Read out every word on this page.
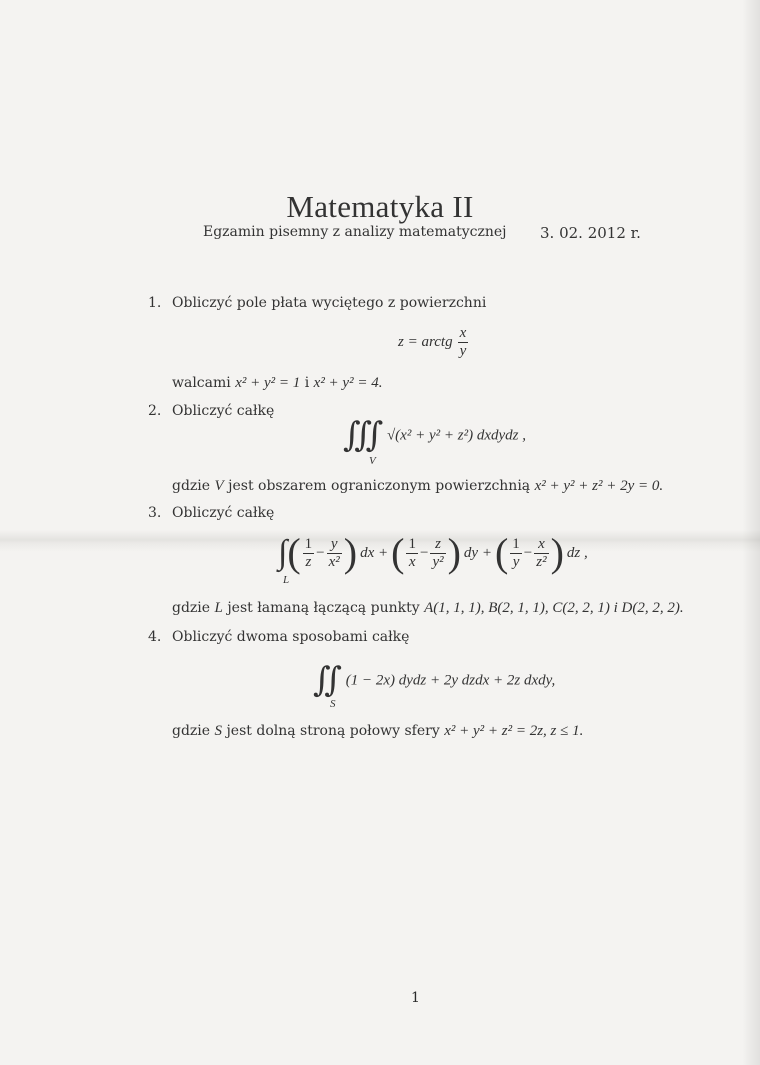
Matematyka II
Egzamin pisemny z analizy matematycznej 3. 02. 2012 r.
1. Obliczyć pole płata wyciętego z powierzchni
z = arctg $\frac{x}{y}$
walcami x² + y² = 1 i x² + y² = 4.
2. Obliczyć całkę
∭ √(x² + y² + z²) dxdydz ,
V
gdzie V jest obszarem ograniczonym powierzchnią x² + y² + z² + 2y = 0.
3. Obliczyć całkę
∫ ( $\frac{1}{z} - \frac{y}{\text{x²}}$ ) dx + ( $\frac{1}{x} - \frac{z}{\text{y²}}$ ) dy + ( $\frac{1}{y} - \frac{x}{\text{z²}}$ ) dz ,
L
gdzie L jest łamaną łączącą punkty A(1, 1, 1), B(2, 1, 1), C(2, 2, 1) i D(2, 2, 2).
4. Obliczyć dwoma sposobami całkę
∬ (1 − 2x) dydz + 2y dzdx + 2z dxdy,
S
gdzie S jest dolną stroną połowy sfery x² + y² + z² = 2z, z ≤ 1.
1
